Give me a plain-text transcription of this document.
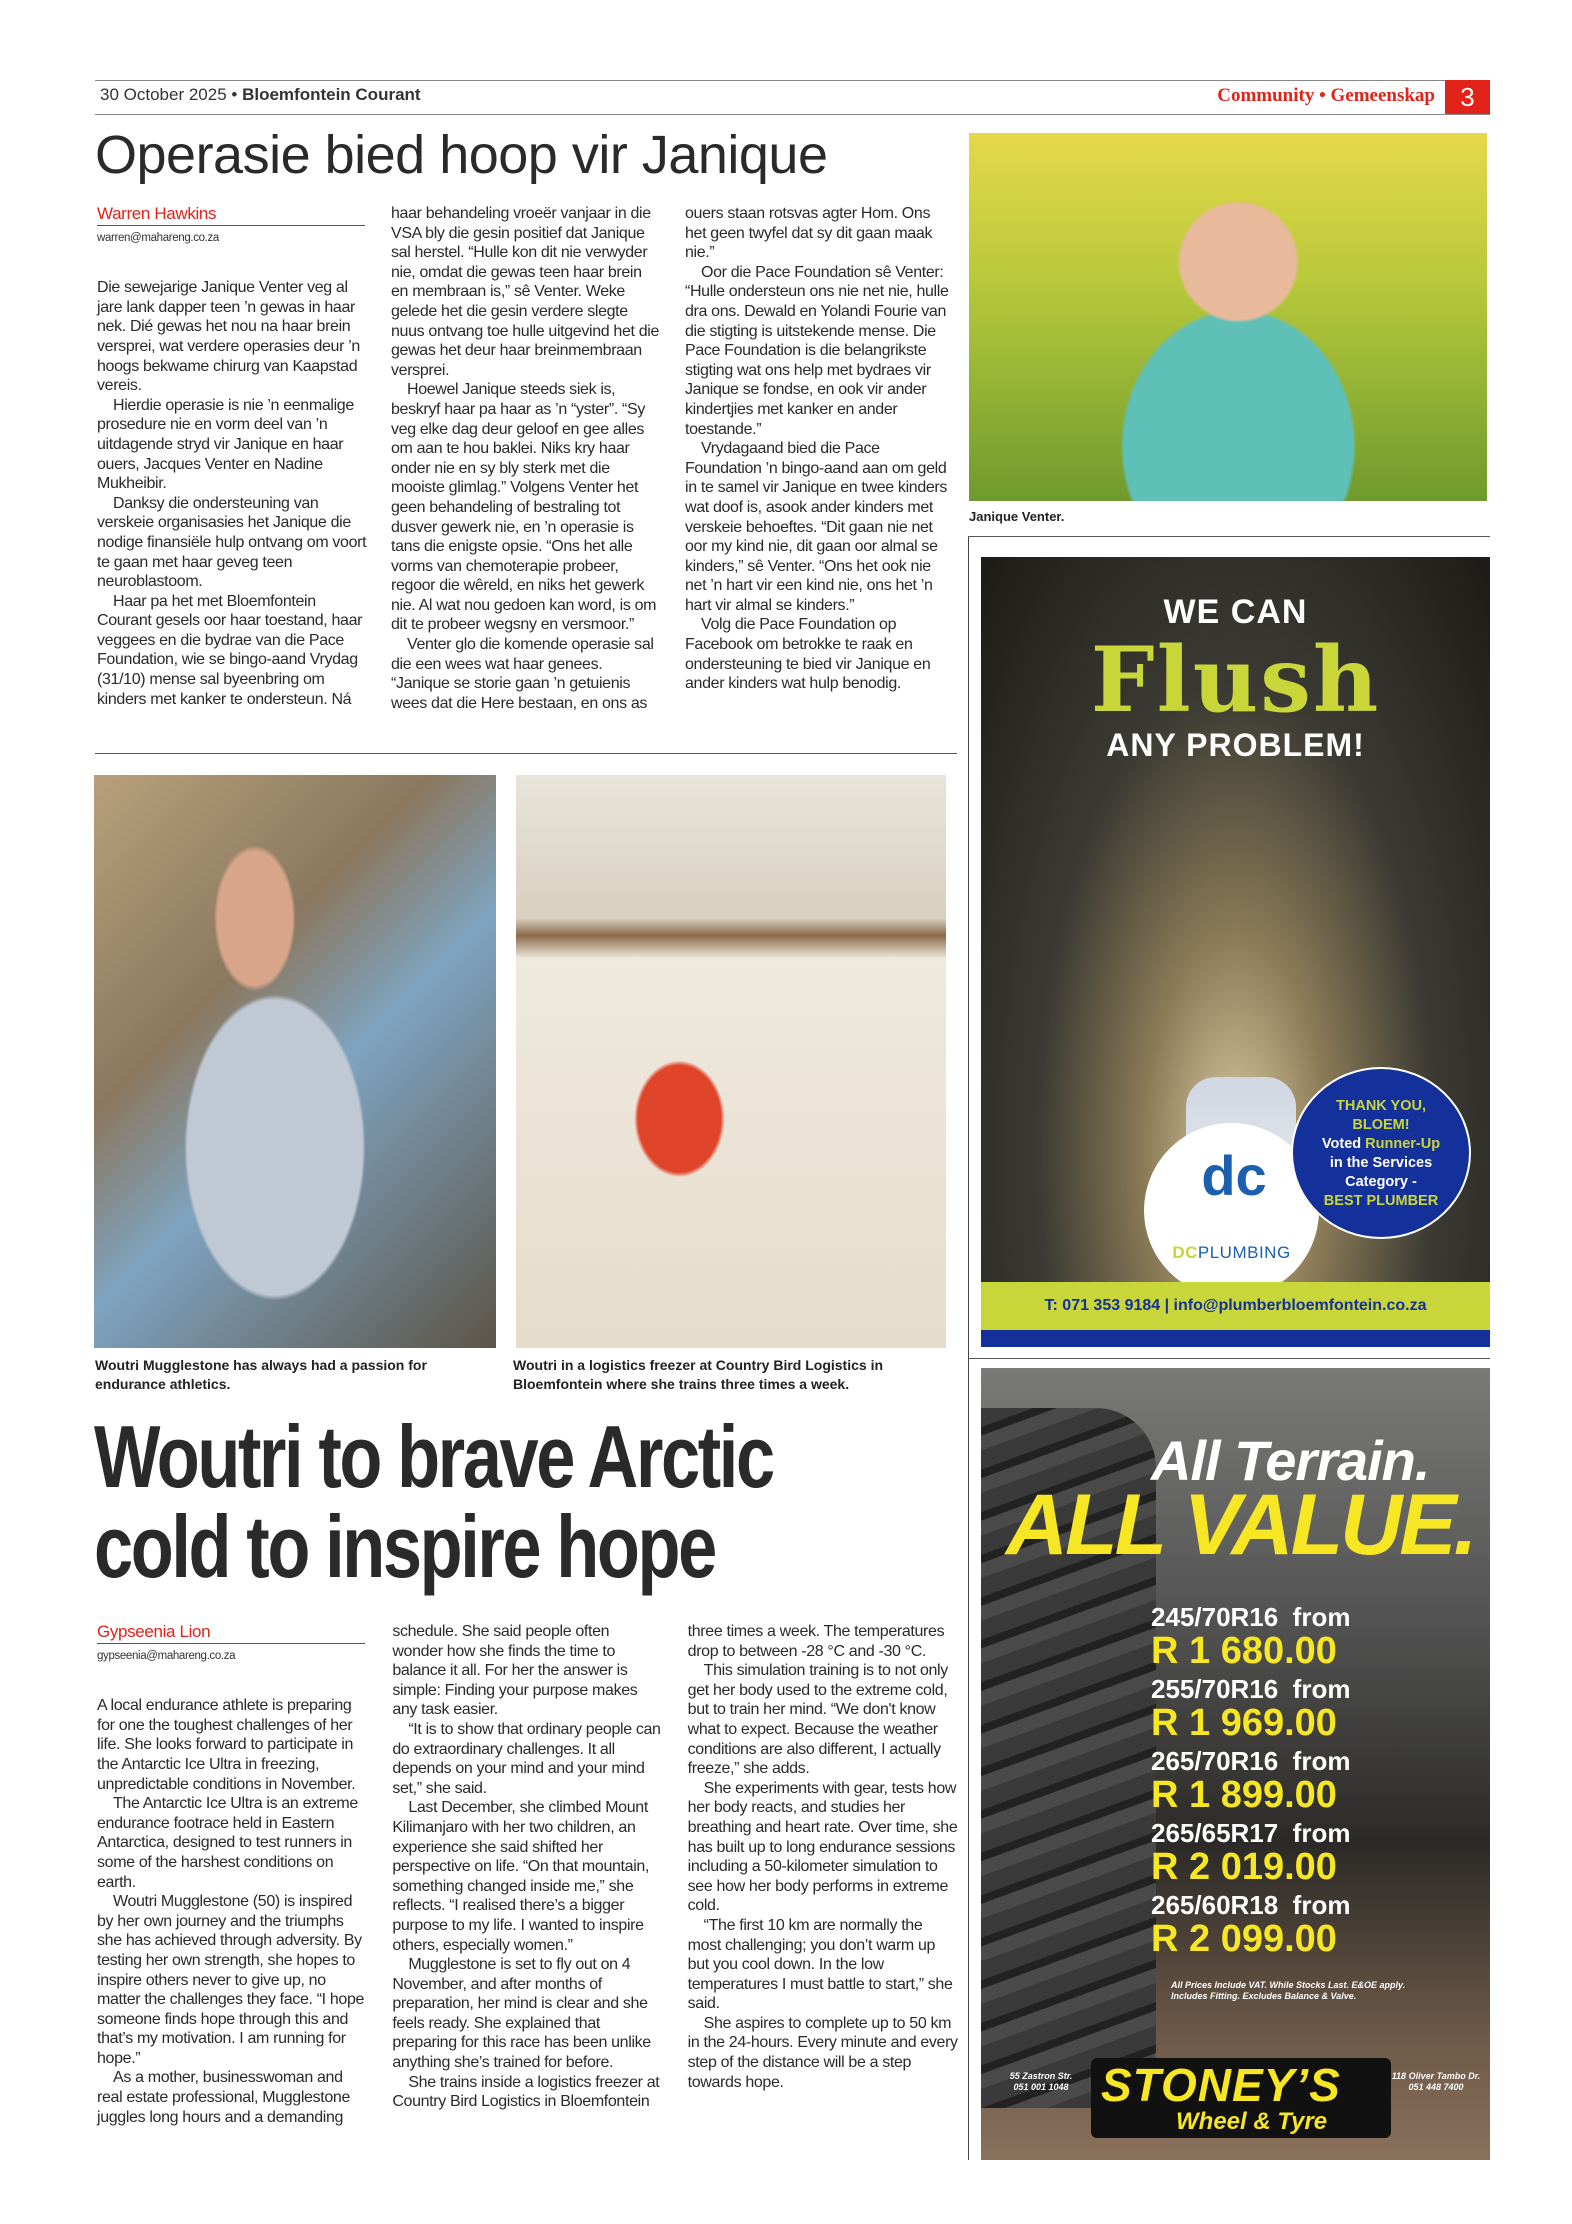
30 October 2025 • Bloemfontein Courant	Community • Gemeenskap 3
Operasie bied hoop vir Janique
Warren Hawkins
warren@mahareng.co.za

Die sewejarige Janique Venter veg al jare lank dapper teen ’n gewas in haar nek. Dié gewas het nou na haar brein versprei, wat verdere operasies deur ’n hoogs bekwame chirurg van Kaapstad vereis.

Hierdie operasie is nie ’n eenmalige prosedure nie en vorm deel van ’n uitdagende stryd vir Janique en haar ouers, Jacques Venter en Nadine Mukheibir.

Danksy die ondersteuning van verskeie organisasies het Janique die nodige finansiële hulp ontvang om voort te gaan met haar geveg teen neuroblastoom.

Haar pa het met Bloemfontein Courant gesels oor haar toestand, haar veggees en die bydrae van die Pace Foundation, wie se bingo-aand Vrydag (31/10) mense sal byeenbring om kinders met kanker te ondersteun. Ná haar behandeling vroeër vanjaar in die VSA bly die gesin positief dat Janique sal herstel. “Hulle kon dit nie verwyder nie, omdat die gewas teen haar brein en membraan is,” sê Venter. Weke gelede het die gesin verdere slegte nuus ontvang toe hulle uitgevind het die gewas het deur haar breinmembraan versprei.

Hoewel Janique steeds siek is, beskryf haar pa haar as ’n “yster”. “Sy veg elke dag deur geloof en gee alles om aan te hou baklei. Niks kry haar onder nie en sy bly sterk met die mooiste glimlag.” Volgens Venter het geen behandeling of bestraling tot dusver gewerk nie, en ’n operasie is tans die enigste opsie. “Ons het alle vorms van chemoterapie probeer, regoor die wêreld, en niks het gewerk nie. Al wat nou gedoen kan word, is om dit te probeer wegsny en versmoor.”

Venter glo die komende operasie sal die een wees wat haar genees. “Janique se storie gaan ’n getuienis wees dat die Here bestaan, en ons as ouers staan rotsvas agter Hom. Ons het geen twyfel dat sy dit gaan maak nie.”

Oor die Pace Foundation sê Venter: “Hulle ondersteun ons nie net nie, hulle dra ons. Dewald en Yolandi Fourie van die stigting is uitstekende mense. Die Pace Foundation is die belangrikste stigting wat ons help met bydraes vir Janique se fondse, en ook vir ander kindertjies met kanker en ander toestande.”

Vrydagaand bied die Pace Foundation ’n bingo-aand aan om geld in te samel vir Janique en twee kinders wat doof is, asook ander kinders met verskeie behoeftes. “Dit gaan nie net oor my kind nie, dit gaan oor almal se kinders,” sê Venter. “Ons het ook nie net ’n hart vir een kind nie, ons het ’n hart vir almal se kinders.”

Volg die Pace Foundation op Facebook om betrokke te raak en ondersteuning te bied vir Janique en ander kinders wat hulp benodig.

Janique Venter.
Woutri Mugglestone has always had a passion for endurance athletics.
Woutri in a logistics freezer at Country Bird Logistics in Bloemfontein where she trains three times a week.
Woutri to brave Arctic
cold to inspire hope
Gypseenia Lion
gypseenia@mahareng.co.za

A local endurance athlete is preparing for one the toughest challenges of her life. She looks forward to participate in the Antarctic Ice Ultra in freezing, unpredictable conditions in November.

The Antarctic Ice Ultra is an extreme endurance footrace held in Eastern Antarctica, designed to test runners in some of the harshest conditions on earth.

Woutri Mugglestone (50) is inspired by her own journey and the triumphs she has achieved through adversity. By testing her own strength, she hopes to inspire others never to give up, no matter the challenges they face. “I hope someone finds hope through this and that’s my motivation. I am running for hope.”

As a mother, businesswoman and real estate professional, Mugglestone juggles long hours and a demanding schedule. She said people often wonder how she finds the time to balance it all. For her the answer is simple: Finding your purpose makes any task easier.

“It is to show that ordinary people can do extraordinary challenges. It all depends on your mind and your mind set,” she said.

Last December, she climbed Mount Kilimanjaro with her two children, an experience she said shifted her perspective on life. “On that mountain, something changed inside me,” she reflects. “I realised there’s a bigger purpose to my life. I wanted to inspire others, especially women.”

Mugglestone is set to fly out on 4 November, and after months of preparation, her mind is clear and she feels ready. She explained that preparing for this race has been unlike anything she’s trained for before.

She trains inside a logistics freezer at Country Bird Logistics in Bloemfontein three times a week. The temperatures drop to between -28 °C and -30 °C.

This simulation training is to not only get her body used to the extreme cold, but to train her mind. “We don't know what to expect. Because the weather conditions are also different, I actually freeze,” she adds.

She experiments with gear, tests how her body reacts, and studies her breathing and heart rate. Over time, she has built up to long endurance sessions including a 50-kilometer simulation to see how her body performs in extreme cold.

“The first 10 km are normally the most challenging; you don’t warm up but you cool down. In the low temperatures I must battle to start,” she said.

She aspires to complete up to 50 km in the 24-hours. Every minute and every step of the distance will be a step towards hope.

WE CAN
Flush
ANY PROBLEM!
dc
DCPLUMBING
THANK YOU,
BLOEM!
Voted Runner-Up
in the Services
Category -
BEST PLUMBER
T: 071 353 9184 | info@plumberbloemfontein.co.za
All Terrain.
ALL VALUE.
245/70R16  from
R 1 680.00
255/70R16  from
R 1 969.00
265/70R16  from
R 1 899.00
265/65R17  from
R 2 019.00
265/60R18  from
R 2 099.00
All Prices Include VAT. While Stocks Last. E&OE apply.
Includes Fitting. Excludes Balance & Valve.
STONEY’S
Wheel & Tyre
55 Zastron Str.
051 001 1048
118 Oliver Tambo Dr.
051 448 7400
